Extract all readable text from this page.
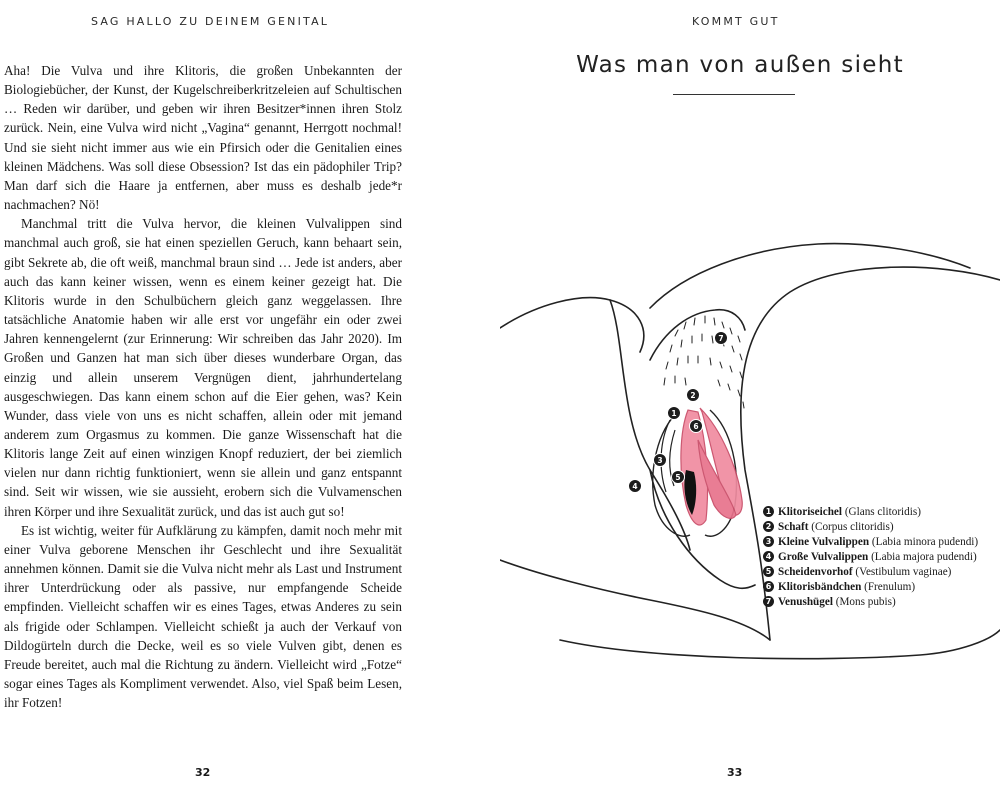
SAG HALLO ZU DEINEM GENITAL

Aha! Die Vulva und ihre Klitoris, die großen Unbekannten der Biologiebücher, der Kunst, der Kugelschreiberkritzeleien auf Schultischen … Reden wir darüber, und geben wir ihren Besitzer*innen ihren Stolz zurück. Nein, eine Vulva wird nicht „Vagina“ genannt, Herrgott nochmal! Und sie sieht nicht immer aus wie ein Pfirsich oder die Genitalien eines kleinen Mädchens. Was soll diese Obsession? Ist das ein pädophiler Trip? Man darf sich die Haare ja entfernen, aber muss es deshalb jede*r nachmachen? Nö!

Manchmal tritt die Vulva hervor, die kleinen Vulvalippen sind manchmal auch groß, sie hat einen speziellen Geruch, kann behaart sein, gibt Sekrete ab, die oft weiß, manchmal braun sind … Jede ist anders, aber auch das kann keiner wissen, wenn es einem keiner gezeigt hat. Die Klitoris wurde in den Schulbüchern gleich ganz weggelassen. Ihre tatsächliche Anatomie haben wir alle erst vor ungefähr ein oder zwei Jahren kennengelernt (zur Erinnerung: Wir schreiben das Jahr 2020). Im Großen und Ganzen hat man sich über dieses wunderbare Organ, das einzig und allein unserem Vergnügen dient, jahrhundertelang ausgeschwiegen. Das kann einem schon auf die Eier gehen, was? Kein Wunder, dass viele von uns es nicht schaffen, allein oder mit jemand anderem zum Orgasmus zu kommen. Die ganze Wissenschaft hat die Klitoris lange Zeit auf einen winzigen Knopf reduziert, der bei ziemlich vielen nur dann richtig funktioniert, wenn sie allein und ganz entspannt sind. Seit wir wissen, wie sie aussieht, erobern sich die Vulvamenschen ihren Körper und ihre Sexualität zurück, und das ist auch gut so!

Es ist wichtig, weiter für Aufklärung zu kämpfen, damit noch mehr mit einer Vulva geborene Menschen ihr Geschlecht und ihre Sexualität annehmen können. Damit sie die Vulva nicht mehr als Last und Instrument ihrer Unterdrückung oder als passive, nur empfangende Scheide empfinden. Vielleicht schaffen wir es eines Tages, etwas Anderes zu sein als frigide oder Schlampen. Vielleicht schießt ja auch der Verkauf von Dildogürteln durch die Decke, weil es so viele Vulven gibt, denen es Freude bereitet, auch mal die Richtung zu ändern. Vielleicht wird „Fotze“ sogar eines Tages als Kompliment verwendet. Also, viel Spaß beim Lesen, ihr Fotzen!

32
KOMMT GUT
Was man von außen sieht
1
2
3
4
5
6
7
1 Klitoriseichel (Glans clitoridis)
2 Schaft (Corpus clitoridis)
3 Kleine Vulvalippen (Labia minora pudendi)
4 Große Vulvalippen (Labia majora pudendi)
5 Scheidenvorhof (Vestibulum vaginae)
6 Klitorisbändchen (Frenulum)
7 Venushügel (Mons pubis)
33
